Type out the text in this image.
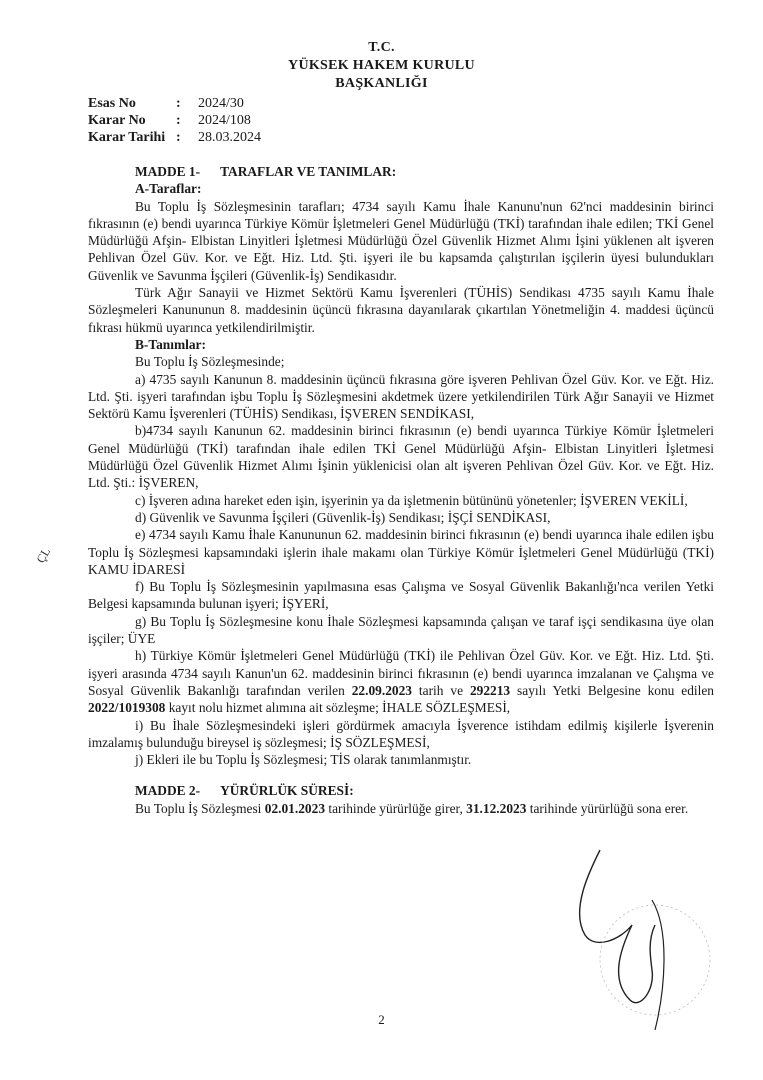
T.C.
YÜKSEK HAKEM KURULU
BAŞKANLIĞI
Esas No	:	2024/30
Karar No	:	2024/108
Karar Tarihi :	28.03.2024

MADDE 1- TARAFLAR VE TANIMLAR:

A-Taraflar:

Bu Toplu İş Sözleşmesinin tarafları; 4734 sayılı Kamu İhale Kanunu'nun 62'nci maddesinin birinci fıkrasının (e) bendi uyarınca Türkiye Kömür İşletmeleri Genel Müdürlüğü (TKİ) tarafından ihale edilen; TKİ Genel Müdürlüğü Afşin- Elbistan Linyitleri İşletmesi Müdürlüğü Özel Güvenlik Hizmet Alımı İşini yüklenen alt işveren Pehlivan Özel Güv. Kor. ve Eğt. Hiz. Ltd. Şti. işyeri ile bu kapsamda çalıştırılan işçilerin üyesi bulundukları Güvenlik ve Savunma İşçileri (Güvenlik-İş) Sendikasıdır.

Türk Ağır Sanayii ve Hizmet Sektörü Kamu İşverenleri (TÜHİS) Sendikası 4735 sayılı Kamu İhale Sözleşmeleri Kanununun 8. maddesinin üçüncü fıkrasına dayanılarak çıkartılan Yönetmeliğin 4. maddesi üçüncü fıkrası hükmü uyarınca yetkilendirilmiştir.

B-Tanımlar:

Bu Toplu İş Sözleşmesinde;

a) 4735 sayılı Kanunun 8. maddesinin üçüncü fıkrasına göre işveren Pehlivan Özel Güv. Kor. ve Eğt. Hiz. Ltd. Şti. işyeri tarafından işbu Toplu İş Sözleşmesini akdetmek üzere yetkilendirilen Türk Ağır Sanayii ve Hizmet Sektörü Kamu İşverenleri (TÜHİS) Sendikası, İŞVEREN SENDİKASI,

b)4734 sayılı Kanunun 62. maddesinin birinci fıkrasının (e) bendi uyarınca Türkiye Kömür İşletmeleri Genel Müdürlüğü (TKİ) tarafından ihale edilen TKİ Genel Müdürlüğü Afşin- Elbistan Linyitleri İşletmesi Müdürlüğü Özel Güvenlik Hizmet Alımı İşinin yüklenicisi olan alt işveren Pehlivan Özel Güv. Kor. ve Eğt. Hiz. Ltd. Şti.: İŞVEREN,

c) İşveren adına hareket eden işin, işyerinin ya da işletmenin bütününü yönetenler; İŞVEREN VEKİLİ,

d) Güvenlik ve Savunma İşçileri (Güvenlik-İş) Sendikası; İŞÇİ SENDİKASI,

e) 4734 sayılı Kamu İhale Kanununun 62. maddesinin birinci fıkrasının (e) bendi uyarınca ihale edilen işbu Toplu İş Sözleşmesi kapsamındaki işlerin ihale makamı olan Türkiye Kömür İşletmeleri Genel Müdürlüğü (TKİ) KAMU İDARESİ

f) Bu Toplu İş Sözleşmesinin yapılmasına esas Çalışma ve Sosyal Güvenlik Bakanlığı'nca verilen Yetki Belgesi kapsamında bulunan işyeri; İŞYERİ,

g) Bu Toplu İş Sözleşmesine konu İhale Sözleşmesi kapsamında çalışan ve taraf işçi sendikasına üye olan işçiler; ÜYE

h) Türkiye Kömür İşletmeleri Genel Müdürlüğü (TKİ) ile Pehlivan Özel Güv. Kor. ve Eğt. Hiz. Ltd. Şti. işyeri arasında 4734 sayılı Kanun'un 62. maddesinin birinci fıkrasının (e) bendi uyarınca imzalanan ve Çalışma ve Sosyal Güvenlik Bakanlığı tarafından verilen 22.09.2023 tarih ve 292213 sayılı Yetki Belgesine konu edilen 2022/1019308 kayıt nolu hizmet alımına ait sözleşme; İHALE SÖZLEŞMESİ,

i) Bu İhale Sözleşmesindeki işleri gördürmek amacıyla İşverence istihdam edilmiş kişilerle İşverenin imzalamış bulunduğu bireysel iş sözleşmesi; İŞ SÖZLEŞMESİ,

j) Ekleri ile bu Toplu İş Sözleşmesi; TİS olarak tanımlanmıştır.

MADDE 2- YÜRÜRLÜK SÜRESİ:

Bu Toplu İş Sözleşmesi 02.01.2023 tarihinde yürürlüğe girer, 31.12.2023 tarihinde yürürlüğü sona erer.

ÇL
2
